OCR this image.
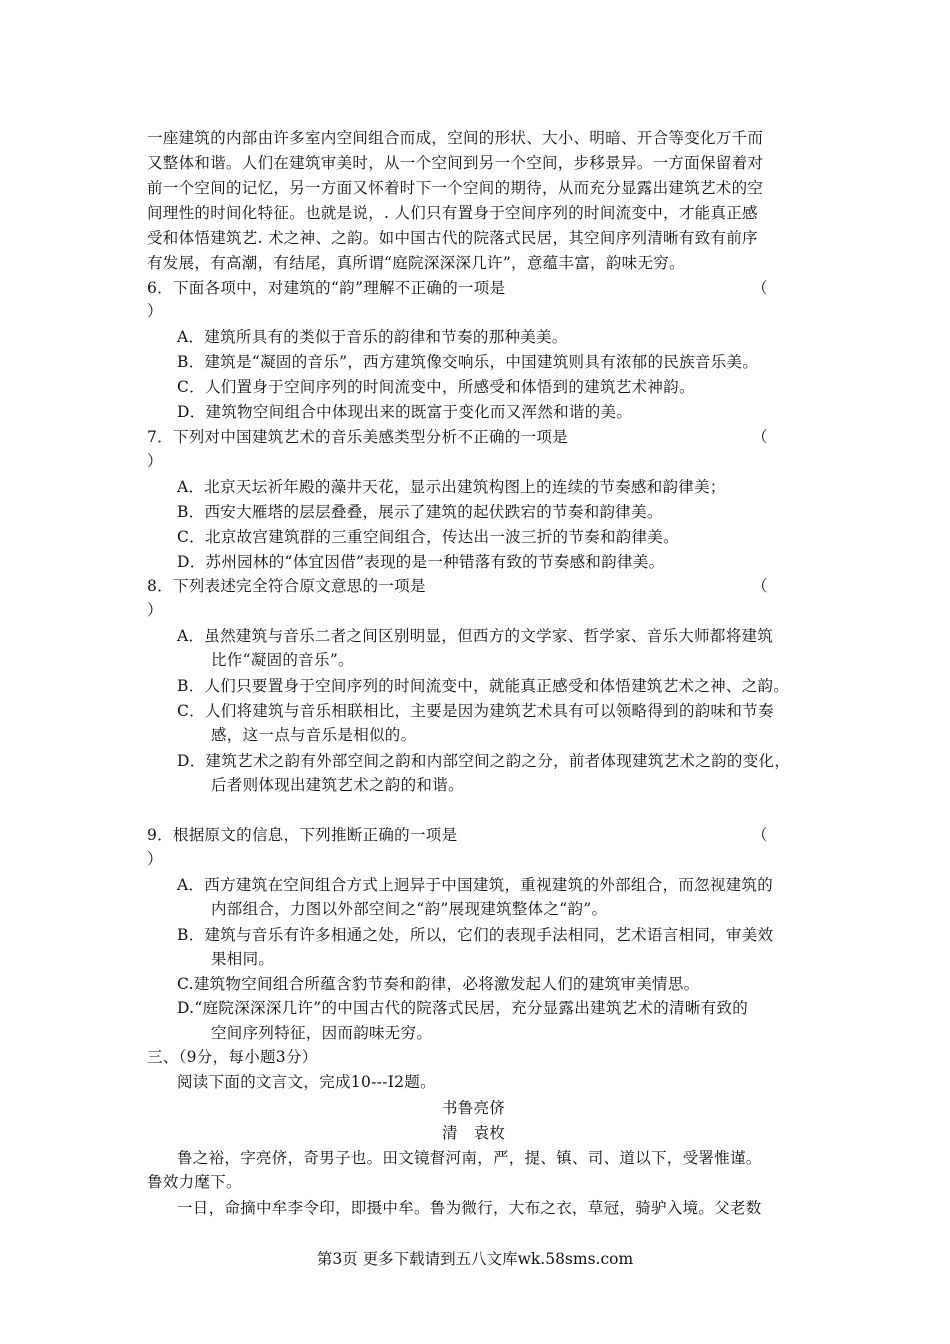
一座建筑的内部由许多室内空间组合而成，空间的形状、大小、明暗、开合等变化万千而
又整体和谐。人们在建筑审美时，从一个空间到另一个空间，步移景异。一方面保留着对
前一个空间的记忆，另一方面又怀着时下一个空间的期待，从而充分显露出建筑艺术的空
间理性的时间化特征。也就是说，. 人们只有置身于空间序列的时间流变中，才能真正感
受和体悟建筑艺. 术之神、之韵。如中国古代的院落式民居，其空间序列清晰有致有前序
有发展，有高潮，有结尾，真所谓“庭院深深深几许”，意蕴丰富，韵味无穷。
6．下面各项中，对建筑的“韵”理解不正确的一项是	（
）
A．建筑所具有的类似于音乐的韵律和节奏的那种美美。
B．建筑是“凝固的音乐”，西方建筑像交响乐，中国建筑则具有浓郁的民族音乐美。
C．人们置身于空间序列的时间流变中，所感受和体悟到的建筑艺术神韵。
D．建筑物空间组合中体现出来的既富于变化而又浑然和谐的美。
7．下列对中国建筑艺术的音乐美感类型分析不正确的一项是	（
）
A．北京天坛祈年殿的藻井天花，显示出建筑构图上的连续的节奏感和韵律美；
B．西安大雁塔的层层叠叠，展示了建筑的起伏跌宕的节奏和韵律美。
C．北京故宫建筑群的三重空间组合，传达出一波三折的节奏和韵律美。
D．苏州园林的“体宜因借”表现的是一种错落有致的节奏感和韵律美。
8．下列表述完全符合原文意思的一项是	（
）
A．虽然建筑与音乐二者之间区别明显，但西方的文学家、哲学家、音乐大师都将建筑
比作“凝固的音乐”。
B．人们只要置身于空间序列的时间流变中，就能真正感受和体悟建筑艺术之神、之韵。
C．人们将建筑与音乐相联相比，主要是因为建筑艺术具有可以领略得到的韵味和节奏
感，这一点与音乐是相似的。
D．建筑艺术之韵有外部空间之韵和内部空间之韵之分，前者体现建筑艺术之韵的变化，
后者则体现出建筑艺术之韵的和谐。
9．根据原文的信息，下列推断正确的一项是	（
）
A．西方建筑在空间组合方式上迥异于中国建筑，重视建筑的外部组合，而忽视建筑的
内部组合，力图以外部空间之“韵”展现建筑整体之“韵”。
B．建筑与音乐有许多相通之处，所以，它们的表现手法相同，艺术语言相同，审美效
果相同。
C.建筑物空间组合所蕴含豹节奏和韵律，必将激发起人们的建筑审美情思。
D.“庭院深深深几许”的中国古代的院落式民居，充分显露出建筑艺术的清晰有致的
空间序列特征，因而韵味无穷。
三、（9分，每小题3分）
阅读下面的文言文，完成10---I2题。
书鲁亮侪
清　袁枚
鲁之裕，字亮侪，奇男子也。田文镜督河南，严，提、镇、司、道以下，受署惟谨。
鲁效力麾下。
一日，命摘中牟李令印，即摄中牟。鲁为微行，大布之衣，草冠，骑驴入境。父老数
第3页 更多下载请到五八文库wk.58sms.com
